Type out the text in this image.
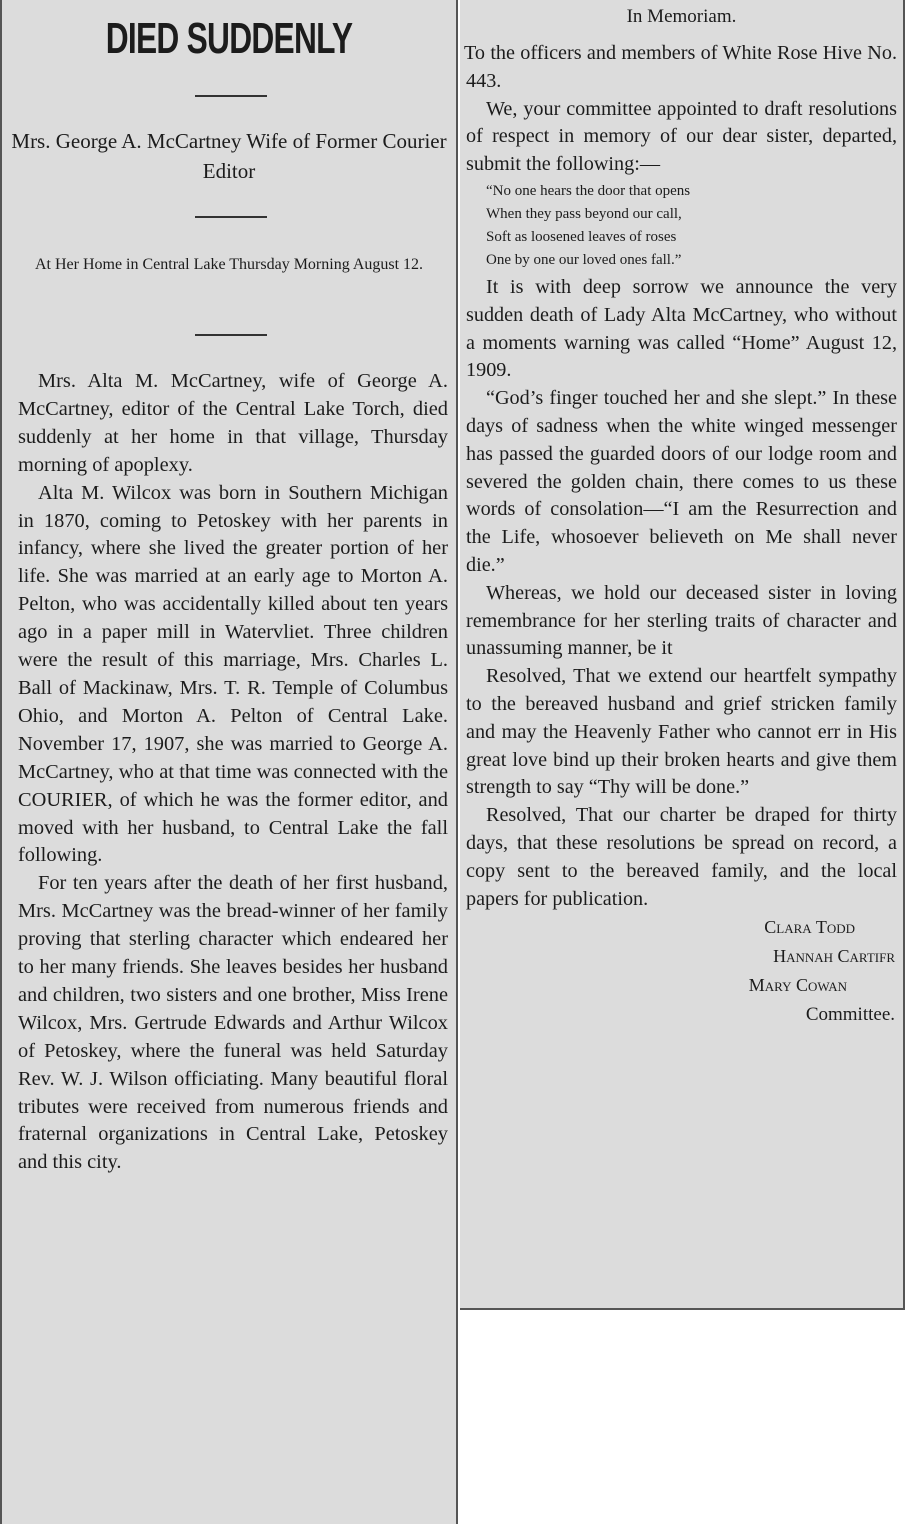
DIED SUDDENLY
Mrs. George A. McCartney Wife of Former Courier Editor
At Her Home in Central Lake Thursday Morning August 12.

Mrs. Alta M. McCartney, wife of George A. McCartney, editor of the Central Lake Torch, died suddenly at her home in that village, Thursday morning of apoplexy.

Alta M. Wilcox was born in Southern Michigan in 1870, coming to Petoskey with her parents in infancy, where she lived the greater portion of her life. She was married at an early age to Morton A. Pelton, who was accidentally killed about ten years ago in a paper mill in Watervliet. Three children were the result of this marriage, Mrs. Charles L. Ball of Mackinaw, Mrs. T. R. Temple of Columbus Ohio, and Morton A. Pelton of Central Lake. November 17, 1907, she was married to George A. McCartney, who at that time was connected with the COURIER, of which he was the former editor, and moved with her husband, to Central Lake the fall following.

For ten years after the death of her first husband, Mrs. McCartney was the bread-winner of her family proving that sterling character which endeared her to her many friends. She leaves besides her husband and children, two sisters and one brother, Miss Irene Wilcox, Mrs. Gertrude Edwards and Arthur Wilcox of Petoskey, where the funeral was held Saturday Rev. W. J. Wilson officiating. Many beautiful floral tributes were received from numerous friends and fraternal organizations in Central Lake, Petoskey and this city.

In Memoriam.

To the officers and members of White Rose Hive No. 443.

We, your committee appointed to draft resolutions of respect in memory of our dear sister, departed, submit the following:—

“No one hears the door that opens
When they pass beyond our call,
Soft as loosened leaves of roses
One by one our loved ones fall.”

It is with deep sorrow we announce the very sudden death of Lady Alta McCartney, who without a moments warning was called “Home” August 12, 1909.

“God’s finger touched her and she slept.” In these days of sadness when the white winged messenger has passed the guarded doors of our lodge room and severed the golden chain, there comes to us these words of consolation—“I am the Resurrection and the Life, whosoever believeth on Me shall never die.”

Whereas, we hold our deceased sister in loving remembrance for her sterling traits of character and unassuming manner, be it

Resolved, That we extend our heartfelt sympathy to the bereaved husband and grief stricken family and may the Heavenly Father who cannot err in His great love bind up their broken hearts and give them strength to say “Thy will be done.”

Resolved, That our charter be draped for thirty days, that these resolutions be spread on record, a copy sent to the bereaved family, and the local papers for publication.

Clara Todd
Hannah Cartifr
Mary Cowan
Committee.
